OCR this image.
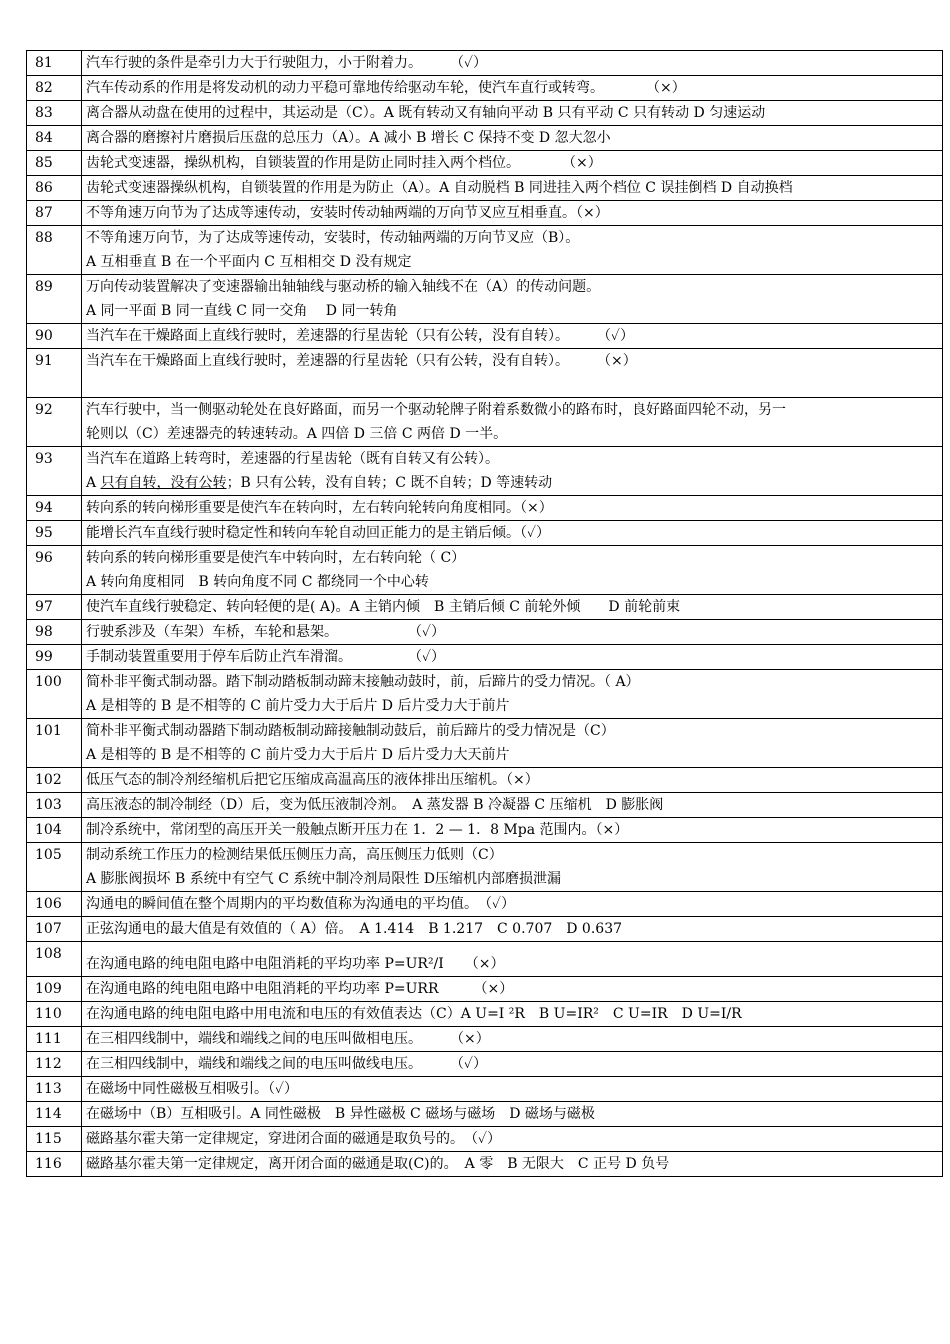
81	汽车行驶的条件是牵引力大于行驶阻力，小于附着力。　　　（✓）

82	汽车传动系的作用是将发动机的动力平稳可靠地传给驱动车轮，使汽车直行或转弯。　　　　（×）

83	离合器从动盘在使用的过程中，其运动是（C）。A 既有转动又有轴向平动 B 只有平动 C 只有转动 D 匀速运动

84	离合器的磨擦衬片磨损后压盘的总压力（A）。A 减小 B 增长 C 保持不变 D 忽大忽小

85	齿轮式变速器，操纵机构，自锁装置的作用是防止同时挂入两个档位。　　　　（×）

86	齿轮式变速器操纵机构，自锁装置的作用是为防止（A）。A 自动脱档 B 同进挂入两个档位 C 误挂倒档 D 自动换档

87	不等角速万向节为了达成等速传动，安装时传动轴两端的万向节叉应互相垂直。（×）

88	不等角速万向节，为了达成等速传动，安装时，传动轴两端的万向节叉应（B）。
A 互相垂直 B 在一个平面内 C 互相相交 D 没有规定

89	万向传动装置解决了变速器输出轴轴线与驱动桥的输入轴线不在（A）的传动问题。
A 同一平面 B 同一直线 C 同一交角　 D 同一转角

90	当汽车在干燥路面上直线行驶时，差速器的行星齿轮（只有公转，没有自转）。　　　（✓）

91	当汽车在干燥路面上直线行驶时，差速器的行星齿轮（只有公转，没有自转）。　　　（×）

92	汽车行驶中，当一侧驱动轮处在良好路面，而另一个驱动轮牌子附着系数微小的路布时，良好路面四轮不动，另一
轮则以（C）差速器壳的转速转动。A 四倍 D 三倍 C 两倍 D 一半。

93	当汽车在道路上转弯时，差速器的行星齿轮（既有自转又有公转）。
A 只有自转，没有公转；B 只有公转，没有自转；C 既不自转；D 等速转动

94	转向系的转向梯形重要是使汽车在转向时，左右转向轮转向角度相同。（×）

95	能增长汽车直线行驶时稳定性和转向车轮自动回正能力的是主销后倾。（✓）

96	转向系的转向梯形重要是使汽车中转向时，左右转向轮（ C）
A 转向角度相同　B 转向角度不同 C 都绕同一个中心转

97	使汽车直线行驶稳定、转向轻便的是( A)。A 主销内倾　B 主销后倾 C 前轮外倾　　D 前轮前束

98	行驶系涉及（车架）车桥，车轮和悬架。　　　　　　（✓）

99	手制动装置重要用于停车后防止汽车滑溜。　　　　　（✓）

100	简朴非平衡式制动器。踏下制动踏板制动蹄末接触动鼓时，前，后蹄片的受力情况。（ A）
A 是相等的 B 是不相等的 C 前片受力大于后片 D 后片受力大于前片

101	简朴非平衡式制动器踏下制动踏板制动蹄接触制动鼓后，前后蹄片的受力情况是（C）
A 是相等的 B 是不相等的 C 前片受力大于后片 D 后片受力大天前片

102	低压气态的制冷剂经缩机后把它压缩成高温高压的液体排出压缩机。（×）

103	高压液态的制冷制经（D）后，变为低压液制冷剂。　A 蒸发器 B 冷凝器 C 压缩机　D 膨胀阀

104	制冷系统中，常闭型的高压开关一般触点断开压力在 1．2 — 1．8 Mpa 范围内。（×）

105	制动系统工作压力的检测结果低压侧压力高，高压侧压力低则（C）
A 膨胀阀损坏 B 系统中有空气 C 系统中制冷剂局限性 D压缩机内部磨损泄漏

106	沟通电的瞬间值在整个周期内的平均数值称为沟通电的平均值。　（✓）

107	正弦沟通电的最大值是有效值的（ A）倍。　A 1.414　B 1.217　C 0.707　D 0.637

108	在沟通电路的纯电阻电路中电阻消耗的平均功率 P=UR²/I　　（×）

109	在沟通电路的纯电阻电路中电阻消耗的平均功率 P=URR　　　（×）

110	在沟通电路的纯电阻电路中用电流和电压的有效值表达（C）A U=I ²R　B U=IR²　C U=IR　D U=I/R

111	在三相四线制中，端线和端线之间的电压叫做相电压。　　　（×）

112	在三相四线制中，端线和端线之间的电压叫做线电压。　　　（✓）

113	在磁场中同性磁极互相吸引。（✓）

114	在磁场中（B）互相吸引。A 同性磁极　B 异性磁极 C 磁场与磁场　D 磁场与磁极

115	磁路基尔霍夫第一定律规定，穿进闭合面的磁通是取负号的。　（✓）

116	磁路基尔霍夫第一定律规定，离开闭合面的磁通是取(C)的。　A 零　B 无限大　C 正号 D 负号
